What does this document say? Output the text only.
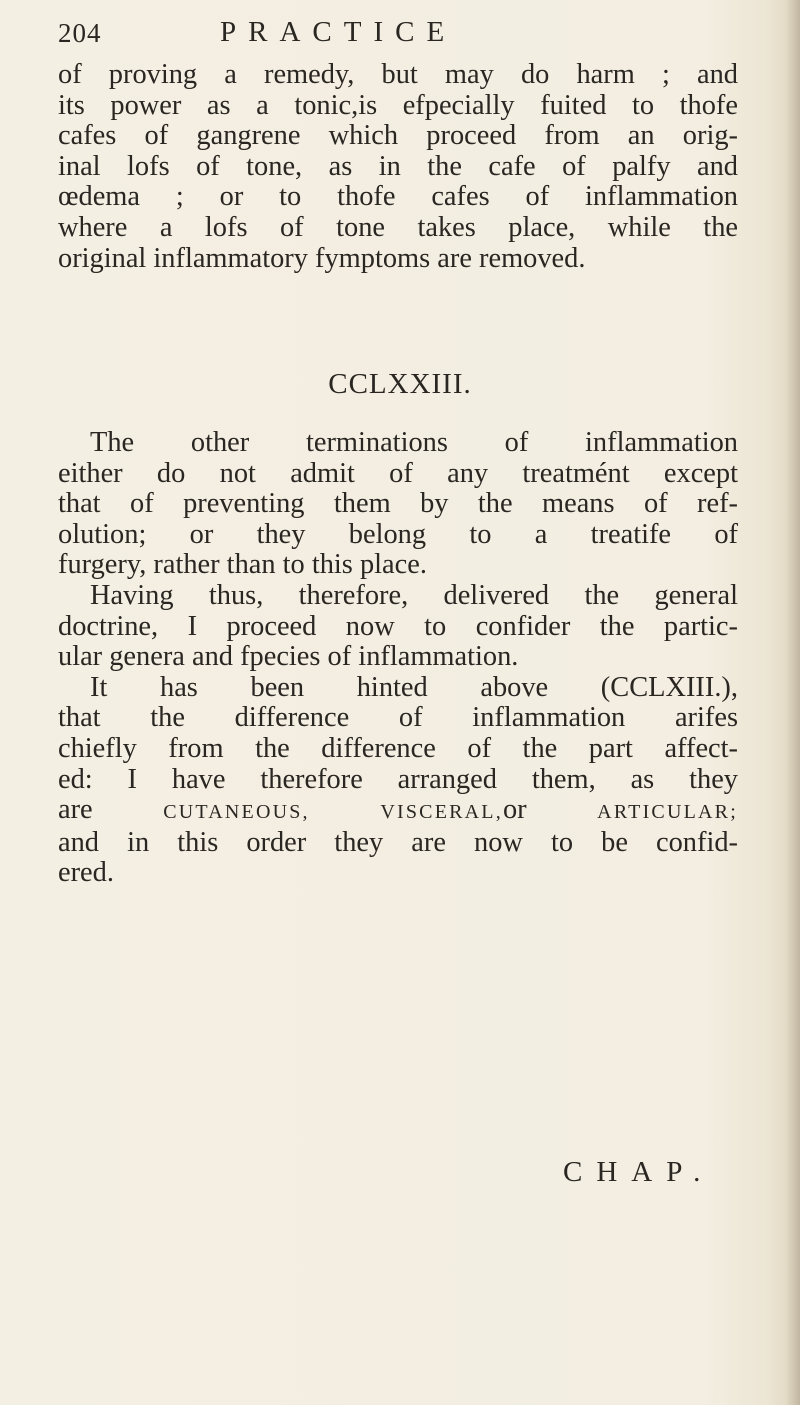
204	PRACTICE
of proving a remedy, but may do harm ; and
its power as a tonic,is efpecially fuited to thofe
cafes of gangrene which proceed from an orig-
inal lofs of tone, as in the cafe of palfy and
œdema ; or to thofe cafes of inflammation
where a lofs of tone takes place, while the
original inflammatory fymptoms are removed.
CCLXXIII.
The other terminations of inflammation
either do not admit of any treatmént except
that of preventing them by the means of ref-
olution; or they belong to a treatife of
furgery, rather than to this place.
Having thus, therefore, delivered the general
doctrine, I proceed now to confider the partic-
ular genera and fpecies of inflammation.
It has been hinted above (CCLXIII.),
that the difference of inflammation arifes
chiefly from the difference of the part affect-
ed: I have therefore arranged them, as they
are	CUTANEOUS,	VISCERAL,or	ARTICULAR;
and in this order they are now to be confid-
ered.
CHAP.
